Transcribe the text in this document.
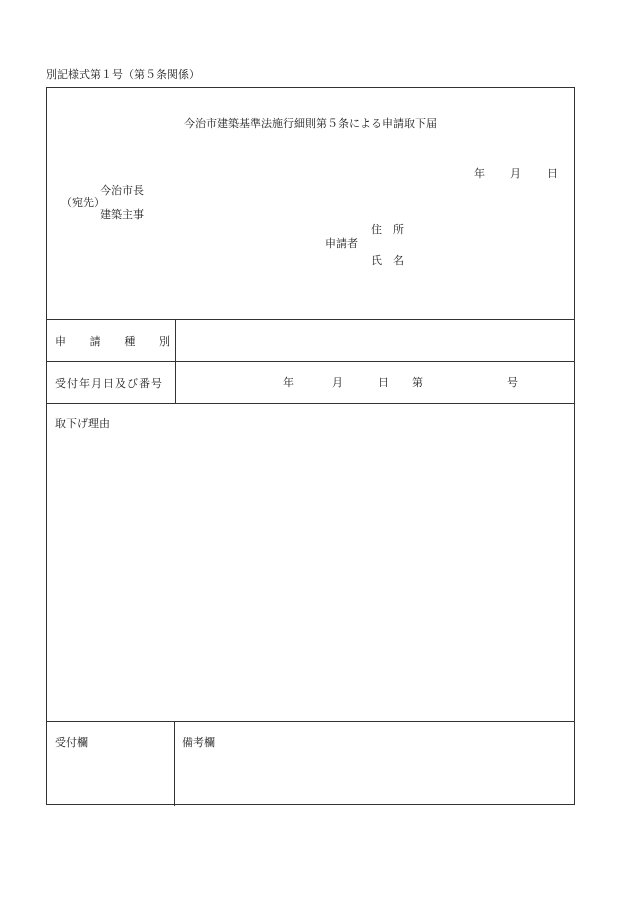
別記様式第１号（第５条関係）
今治市建築基準法施行細則第５条による申請取下届
年 月 日
（宛先）
今治市長
建築主事
申請者
住　所
氏　名
申 請 種 別
受付年月日及び番号	年	月	日 第	号
取下げ理由
受付欄	備考欄
